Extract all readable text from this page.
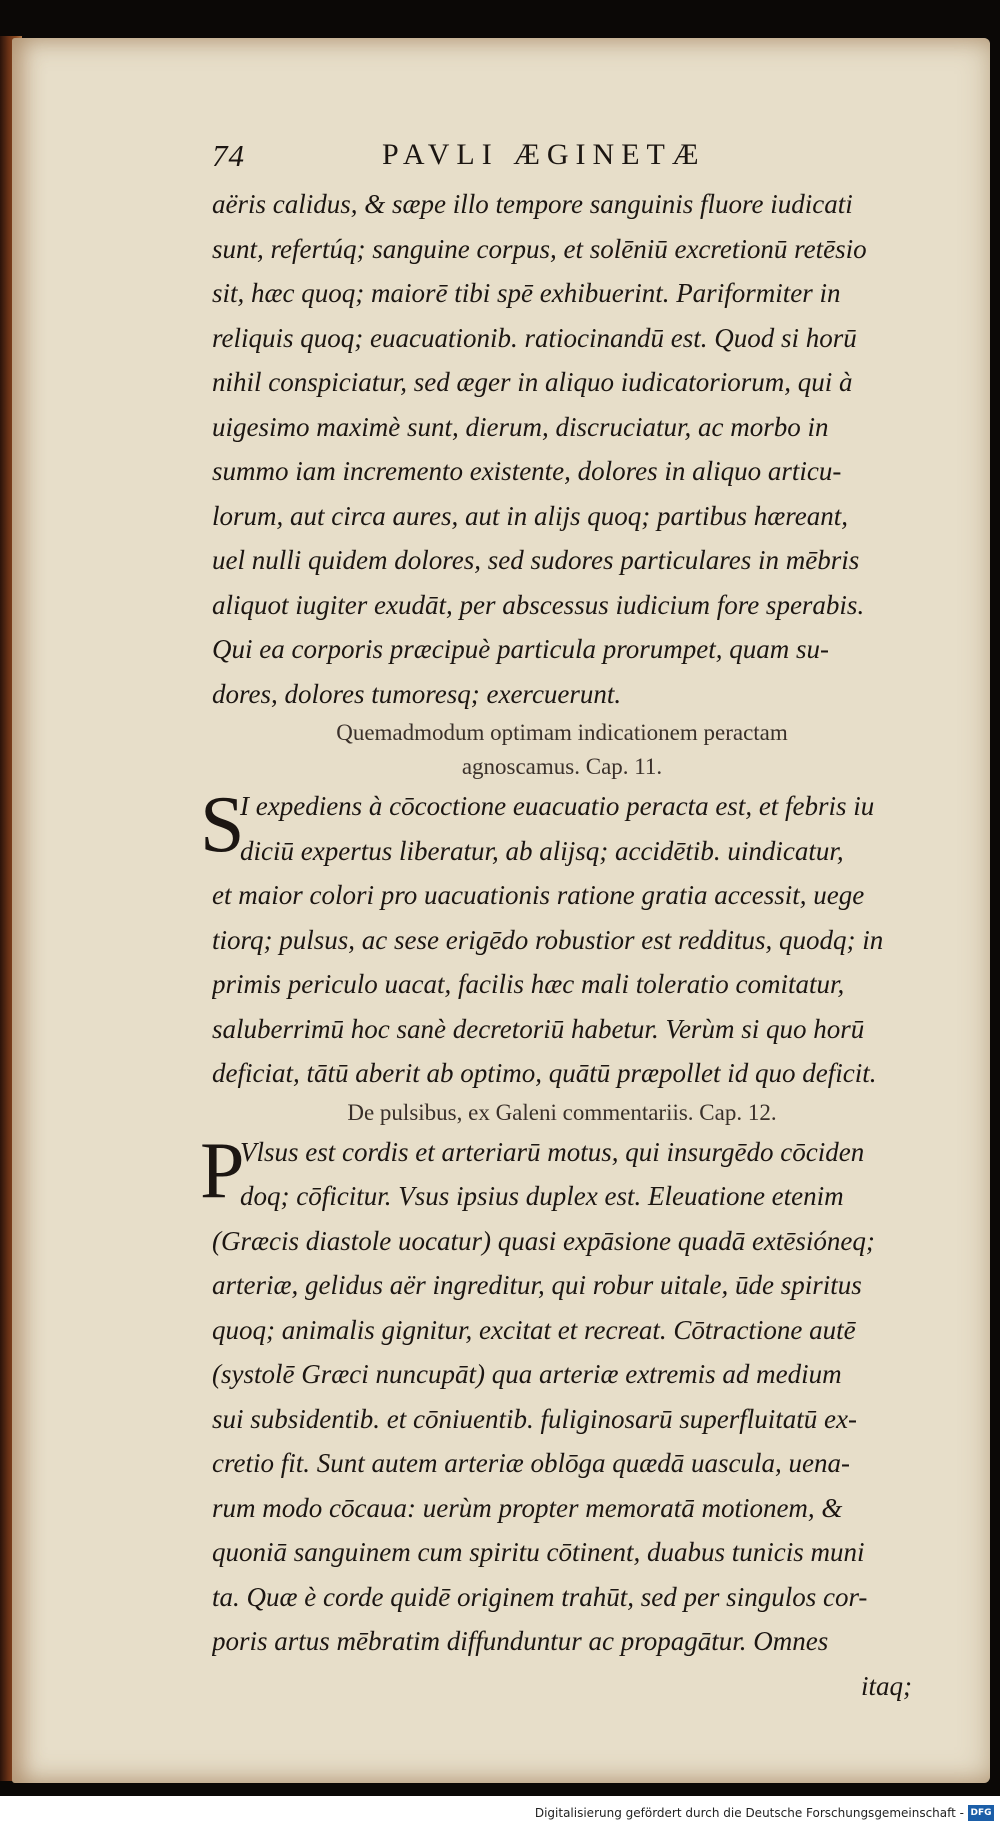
74	PAVLI ÆGINETÆ
aëris calidus, & sæpe illo tempore sanguinis fluore iudicati
sunt, refertúq; sanguine corpus, et solēniū excretionū retēsio
sit, hæc quoq; maiorē tibi spē exhibuerint. Pariformiter in
reliquis quoq; euacuationib. ratiocinandū est. Quod si horū
nihil conspiciatur, sed æger in aliquo iudicatoriorum, qui à
uigesimo maximè sunt, dierum, discruciatur, ac morbo in
summo iam incremento existente, dolores in aliquo articu-
lorum, aut circa aures, aut in alijs quoq; partibus hæreant,
uel nulli quidem dolores, sed sudores particulares in mēbris
aliquot iugiter exudāt, per abscessus iudicium fore sperabis.
Qui ea corporis præcipuè particula prorumpet, quam su-
dores, dolores tumoresq; exercuerunt.
Quemadmodum optimam indicationem peractam
agnoscamus. Cap. 11.
S
I expediens à cōcoctione euacuatio peracta est, et febris iu
diciū expertus liberatur, ab alijsq; accidētib. uindicatur,
et maior colori pro uacuationis ratione gratia accessit, uege
tiorq; pulsus, ac sese erigēdo robustior est redditus, quodq; in
primis periculo uacat, facilis hæc mali toleratio comitatur,
saluberrimū hoc sanè decretoriū habetur. Verùm si quo horū
deficiat, tātū aberit ab optimo, quātū præpollet id quo deficit.
De pulsibus, ex Galeni commentariis. Cap. 12.
P
Vlsus est cordis et arteriarū motus, qui insurgēdo cōciden
doq; cōficitur. Vsus ipsius duplex est. Eleuatione etenim
(Græcis diastole uocatur) quasi expāsione quadā extēsióneq;
arteriæ, gelidus aër ingreditur, qui robur uitale, ūde spiritus
quoq; animalis gignitur, excitat et recreat. Cōtractione autē
(systolē Græci nuncupāt) qua arteriæ extremis ad medium
sui subsidentib. et cōniuentib. fuliginosarū superfluitatū ex-
cretio fit. Sunt autem arteriæ oblōga quædā uascula, uena-
rum modo cōcaua: uerùm propter memoratā motionem, &
quoniā sanguinem cum spiritu cōtinent, duabus tunicis muni
ta. Quæ è corde quidē originem trahūt, sed per singulos cor-
poris artus mēbratim diffunduntur ac propagātur. Omnes
itaq;
Digitalisierung gefördert durch die Deutsche Forschungsgemeinschaft - DFG
